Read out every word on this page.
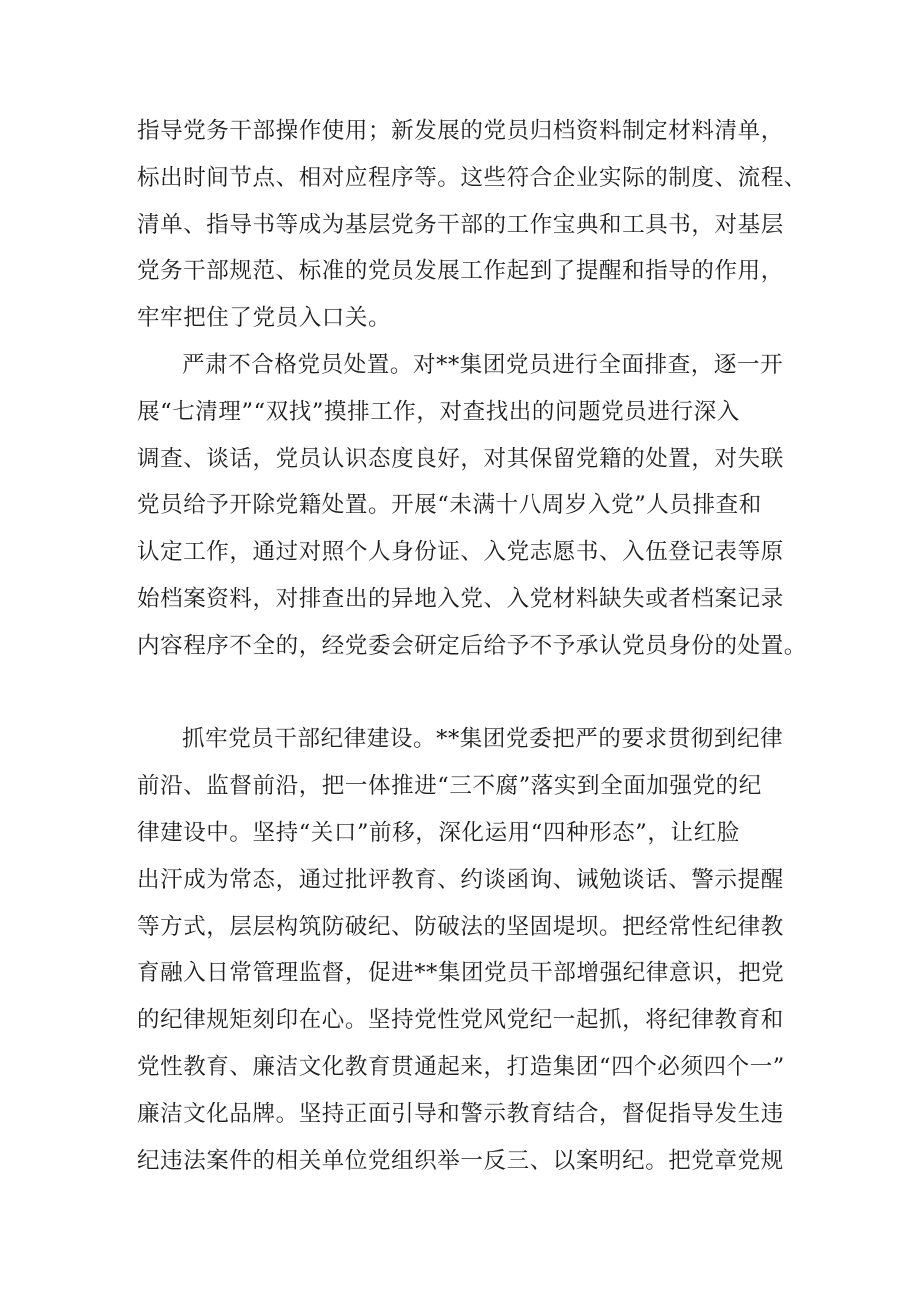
指导党务干部操作使用；新发展的党员归档资料制定材料清单，
标出时间节点、相对应程序等。这些符合企业实际的制度、流程、
清单、指导书等成为基层党务干部的工作宝典和工具书，对基层
党务干部规范、标准的党员发展工作起到了提醒和指导的作用，
牢牢把住了党员入口关。
严肃不合格党员处置。对**集团党员进行全面排查，逐一开
展“七清理”“双找”摸排工作，对查找出的问题党员进行深入
调查、谈话，党员认识态度良好，对其保留党籍的处置，对失联
党员给予开除党籍处置。开展“未满十八周岁入党”人员排查和
认定工作，通过对照个人身份证、入党志愿书、入伍登记表等原
始档案资料，对排查出的异地入党、入党材料缺失或者档案记录
内容程序不全的，经党委会研定后给予不予承认党员身份的处置。
抓牢党员干部纪律建设。**集团党委把严的要求贯彻到纪律
前沿、监督前沿，把一体推进“三不腐”落实到全面加强党的纪
律建设中。坚持“关口”前移，深化运用“四种形态”，让红脸
出汗成为常态，通过批评教育、约谈函询、诫勉谈话、警示提醒
等方式，层层构筑防破纪、防破法的坚固堤坝。把经常性纪律教
育融入日常管理监督，促进**集团党员干部增强纪律意识，把党
的纪律规矩刻印在心。坚持党性党风党纪一起抓，将纪律教育和
党性教育、廉洁文化教育贯通起来，打造集团“四个必须四个一”
廉洁文化品牌。坚持正面引导和警示教育结合，督促指导发生违
纪违法案件的相关单位党组织举一反三、以案明纪。把党章党规
